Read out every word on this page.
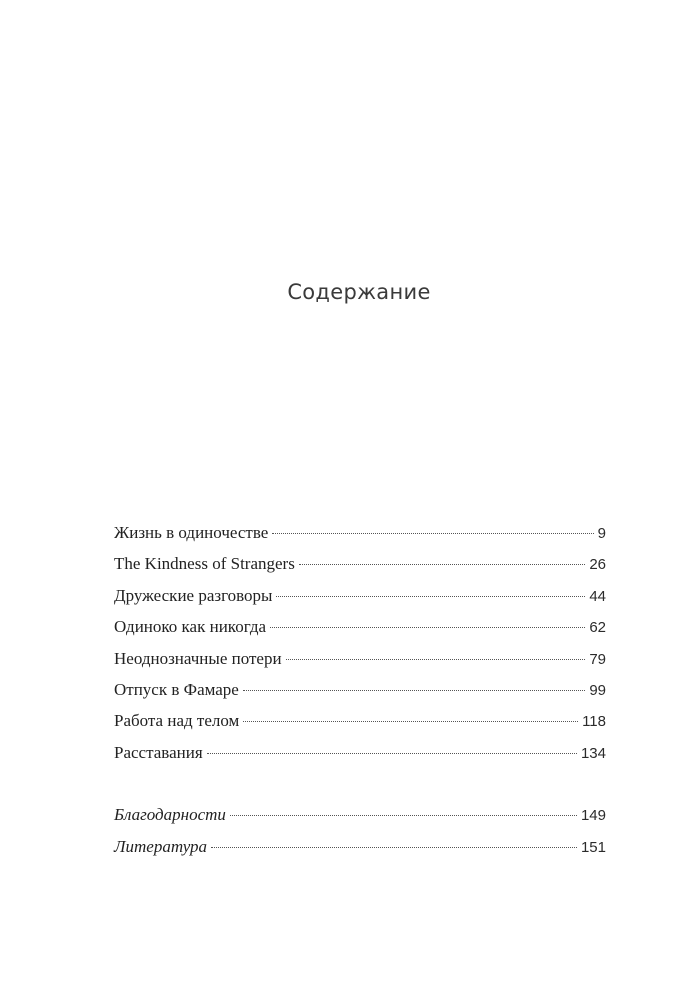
Содержание
Жизнь в одиночестве	9
The Kindness of Strangers	26
Дружеские разговоры	44
Одиноко как никогда	62
Неоднозначные потери	79
Отпуск в Фамаре	99
Работа над телом	118
Расставания	134
Благодарности	149
Литература	151
